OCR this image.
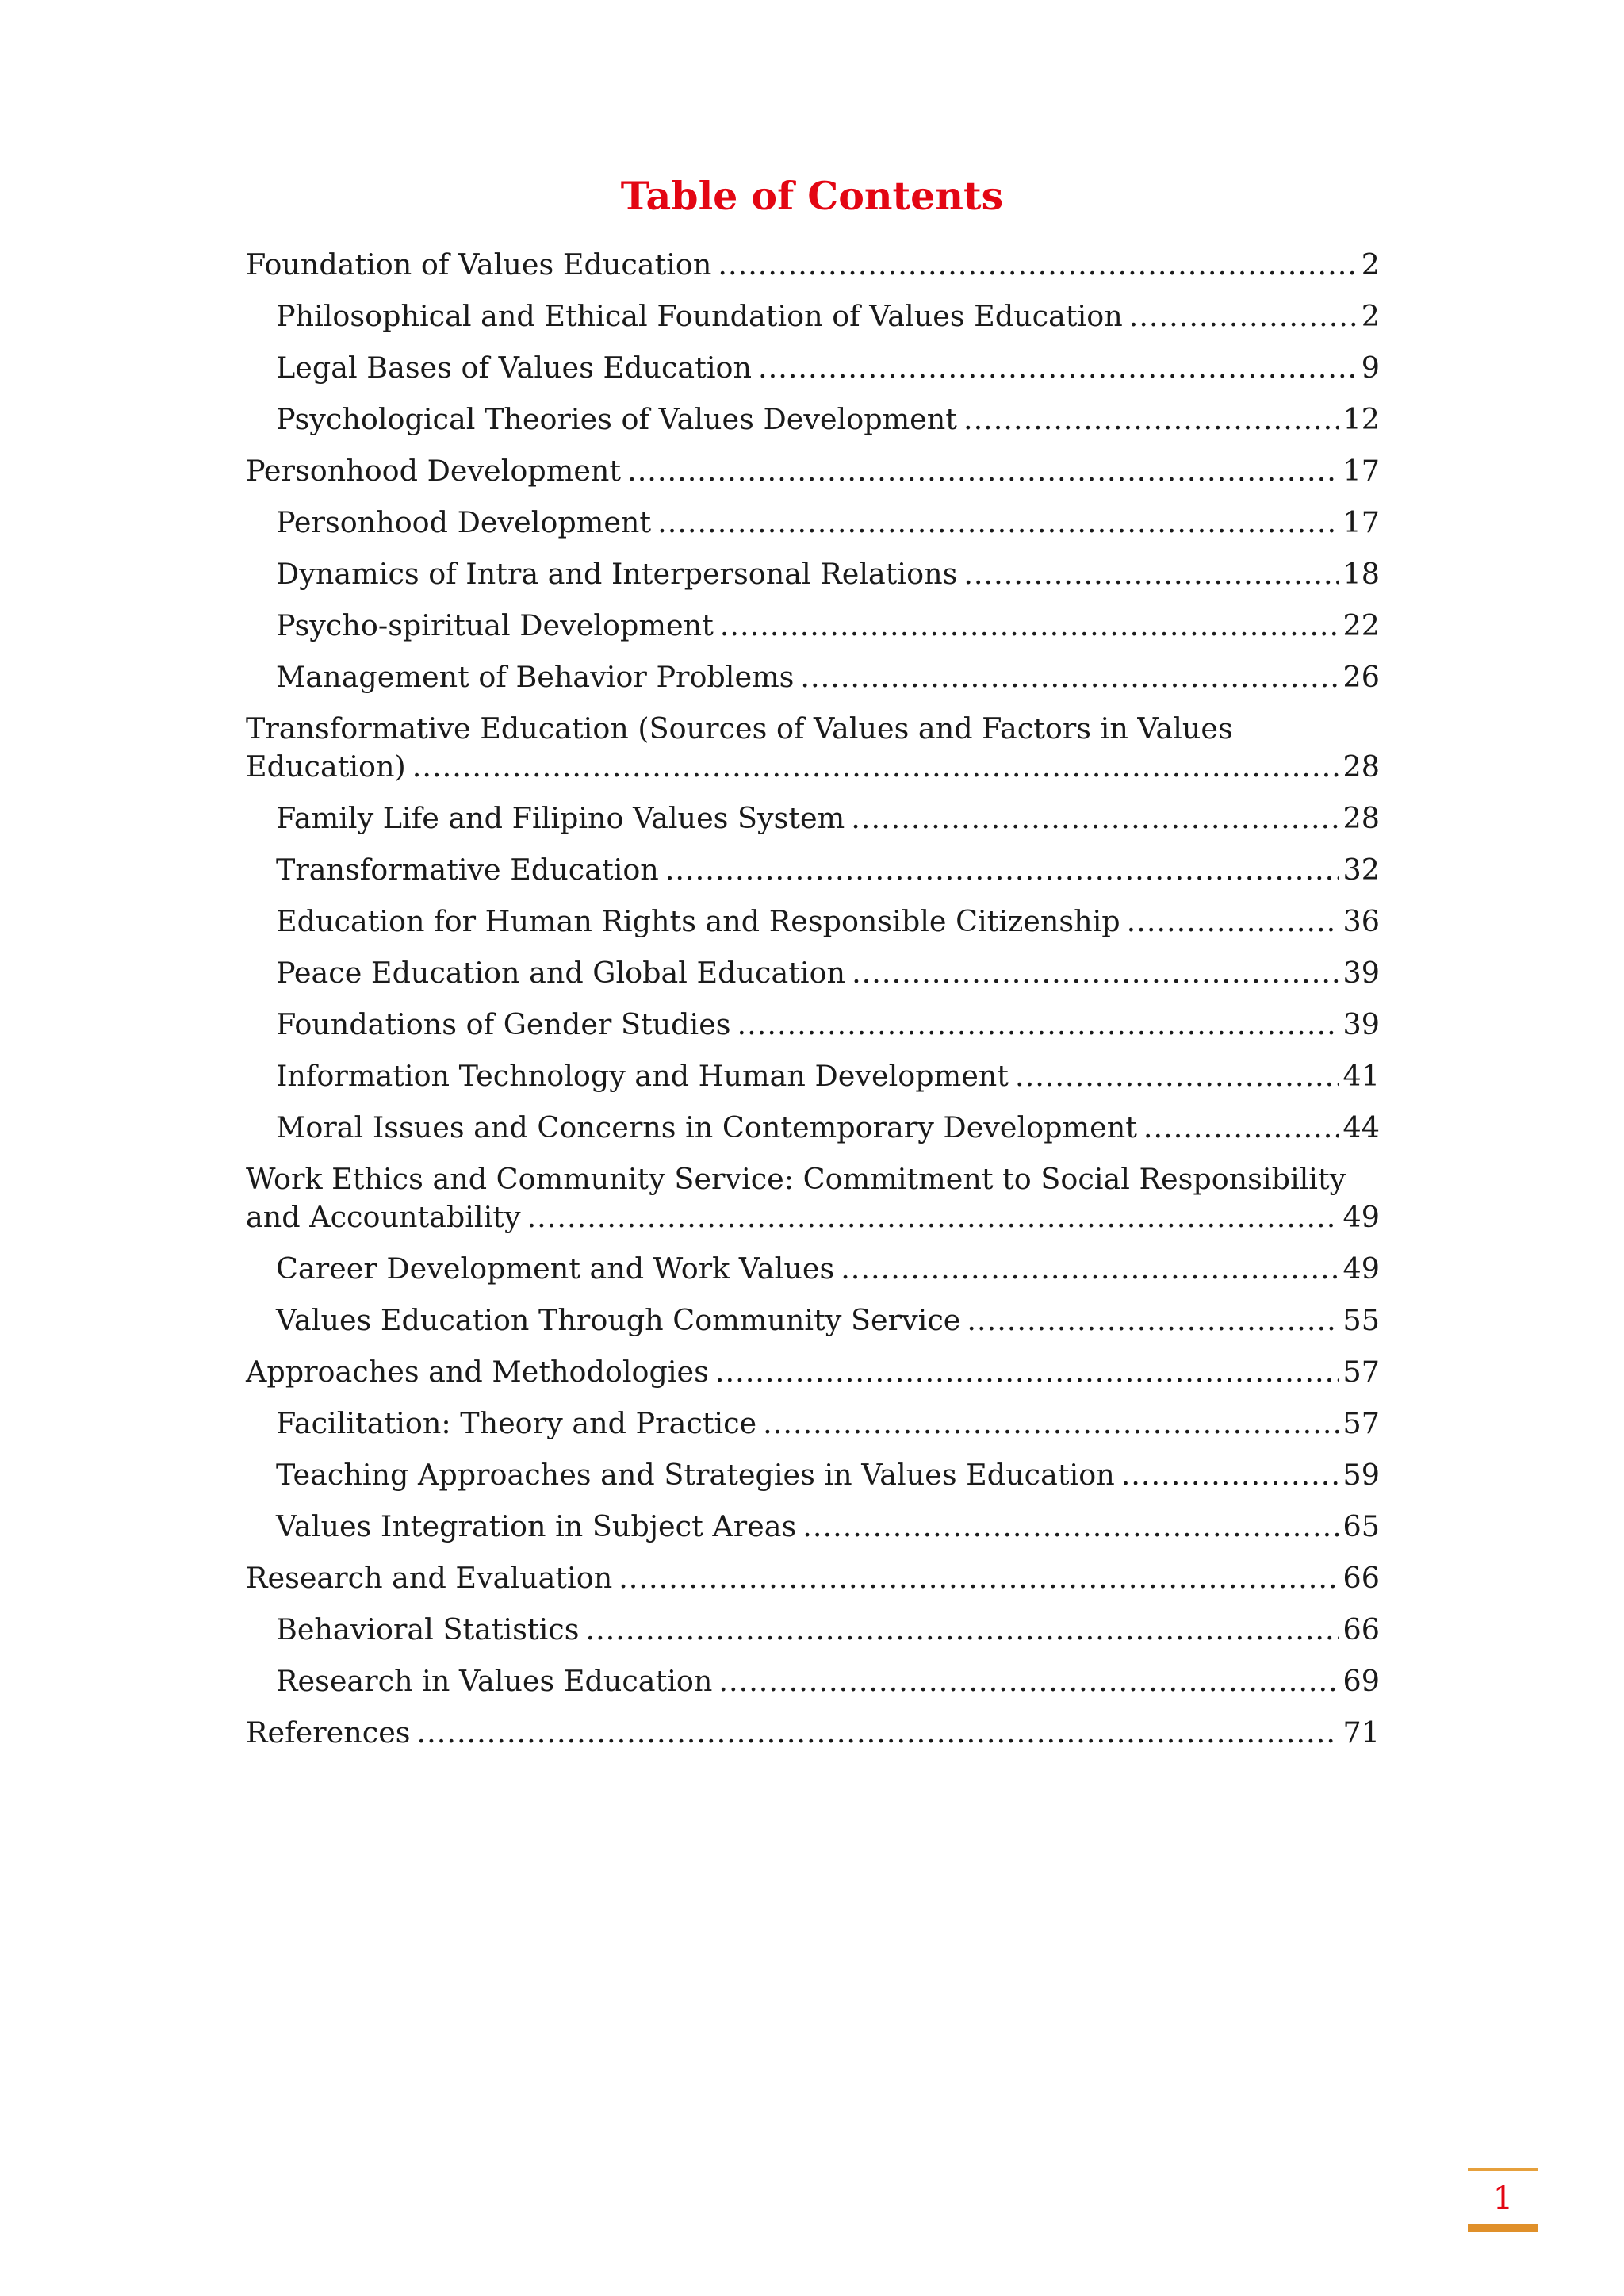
Table of Contents
Foundation of Values Education .....	2
Philosophical and Ethical Foundation of Values Education .....	2
Legal Bases of Values Education .....	9
Psychological Theories of Values Development .....	12
Personhood Development .....	17
Personhood Development .....	17
Dynamics of Intra and Interpersonal Relations .....	18
Psycho-spiritual Development .....	22
Management of Behavior Problems .....	26
Transformative Education (Sources of Values and Factors in Values
Education) .....	28
Family Life and Filipino Values System .....	28
Transformative Education .....	32
Education for Human Rights and Responsible Citizenship .....	36
Peace Education and Global Education .....	39
Foundations of Gender Studies .....	39
Information Technology and Human Development .....	41
Moral Issues and Concerns in Contemporary Development .....	44
Work Ethics and Community Service: Commitment to Social Responsibility
and Accountability .....	49
Career Development and Work Values .....	49
Values Education Through Community Service .....	55
Approaches and Methodologies .....	57
Facilitation: Theory and Practice .....	57
Teaching Approaches and Strategies in Values Education .....	59
Values Integration in Subject Areas .....	65
Research and Evaluation .....	66
Behavioral Statistics .....	66
Research in Values Education .....	69
References .....	71
1
